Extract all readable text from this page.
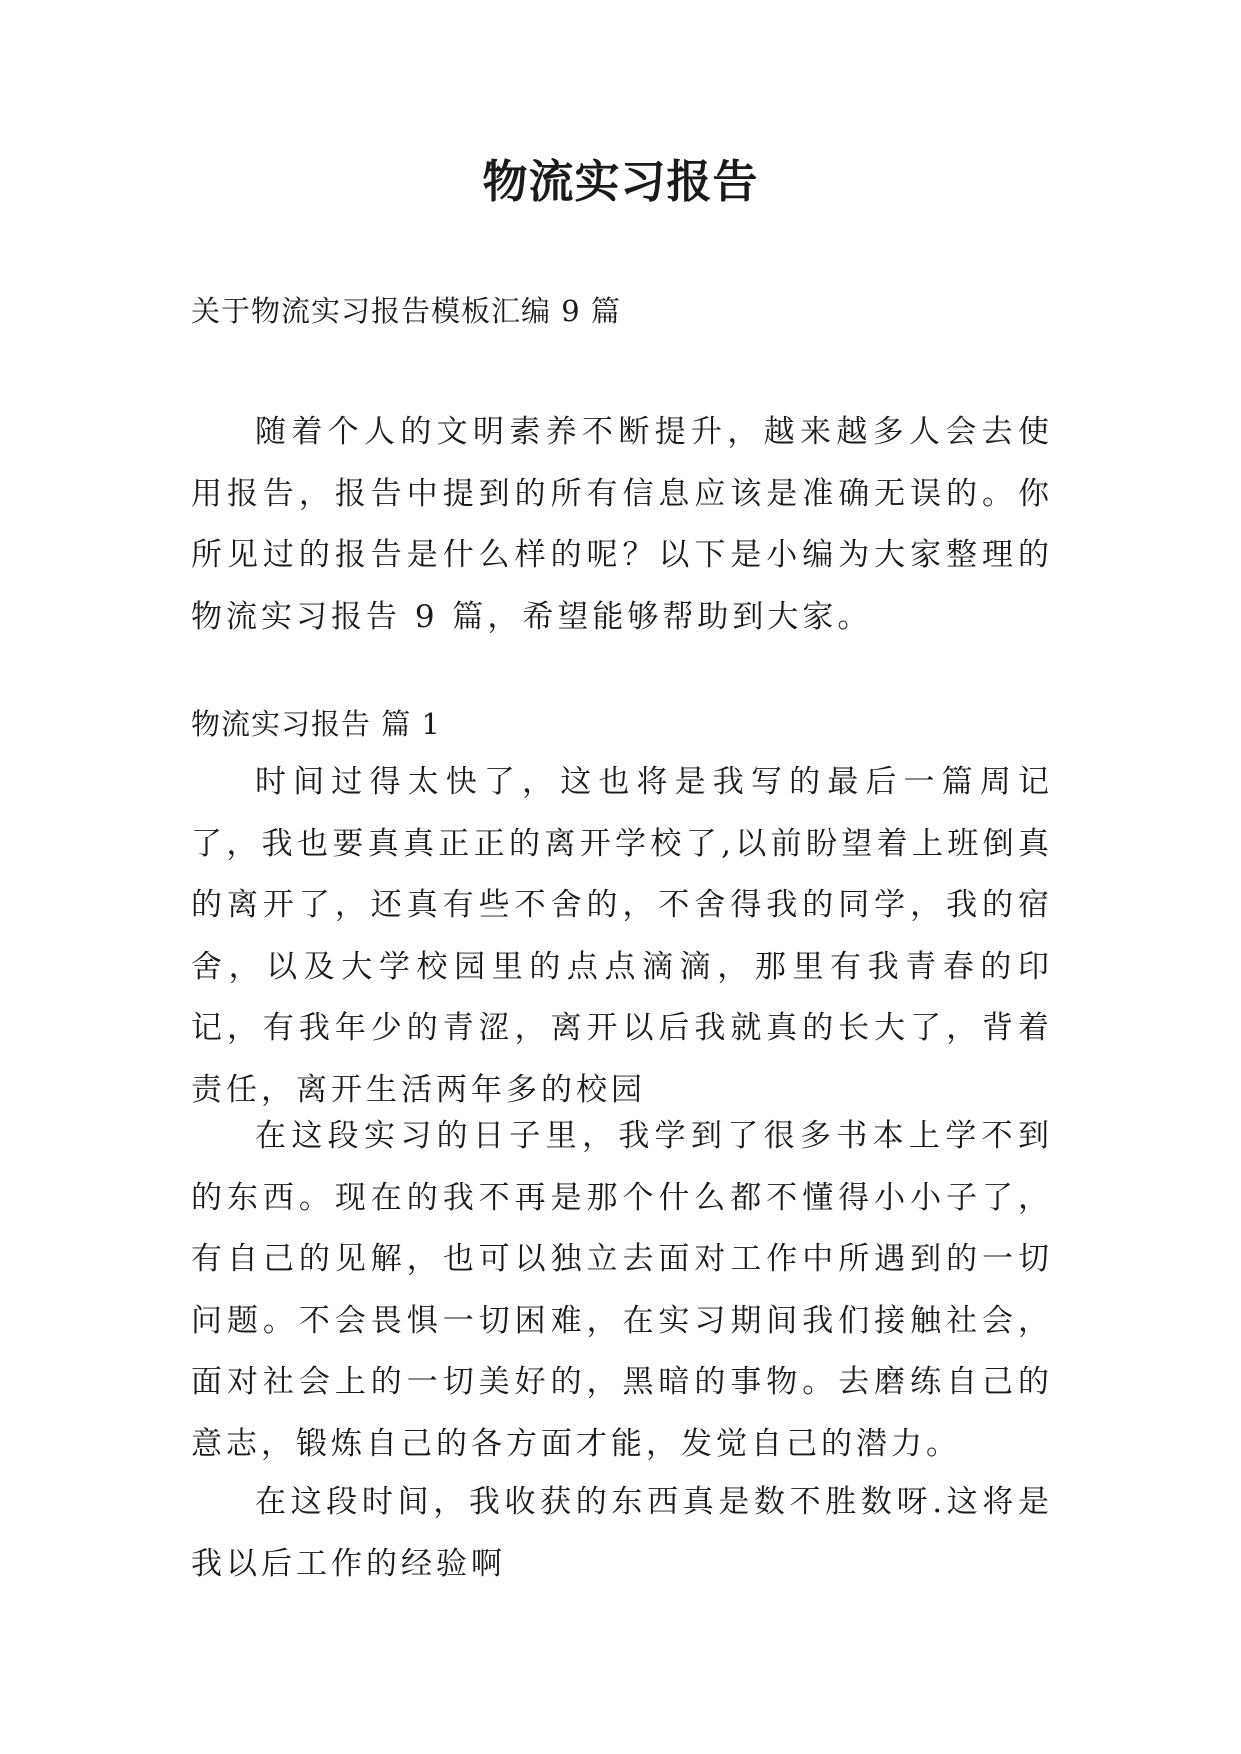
物流实习报告

关于物流实习报告模板汇编 9 篇

随着个人的文明素养不断提升，越来越多人会去使用报告，报告中提到的所有信息应该是准确无误的。你所见过的报告是什么样的呢？以下是小编为大家整理的物流实习报告 9 篇，希望能够帮助到大家。

物流实习报告 篇 1

时间过得太快了，这也将是我写的最后一篇周记了，我也要真真正正的离开学校了,以前盼望着上班倒真的离开了，还真有些不舍的，不舍得我的同学，我的宿舍，以及大学校园里的点点滴滴，那里有我青春的印记，有我年少的青涩，离开以后我就真的长大了，背着责任，离开生活两年多的校园

在这段实习的日子里，我学到了很多书本上学不到的东西。现在的我不再是那个什么都不懂得小小子了，有自己的见解，也可以独立去面对工作中所遇到的一切问题。不会畏惧一切困难，在实习期间我们接触社会，面对社会上的一切美好的，黑暗的事物。去磨练自己的意志，锻炼自己的各方面才能，发觉自己的潜力。

在这段时间，我收获的东西真是数不胜数呀.这将是我以后工作的经验啊
